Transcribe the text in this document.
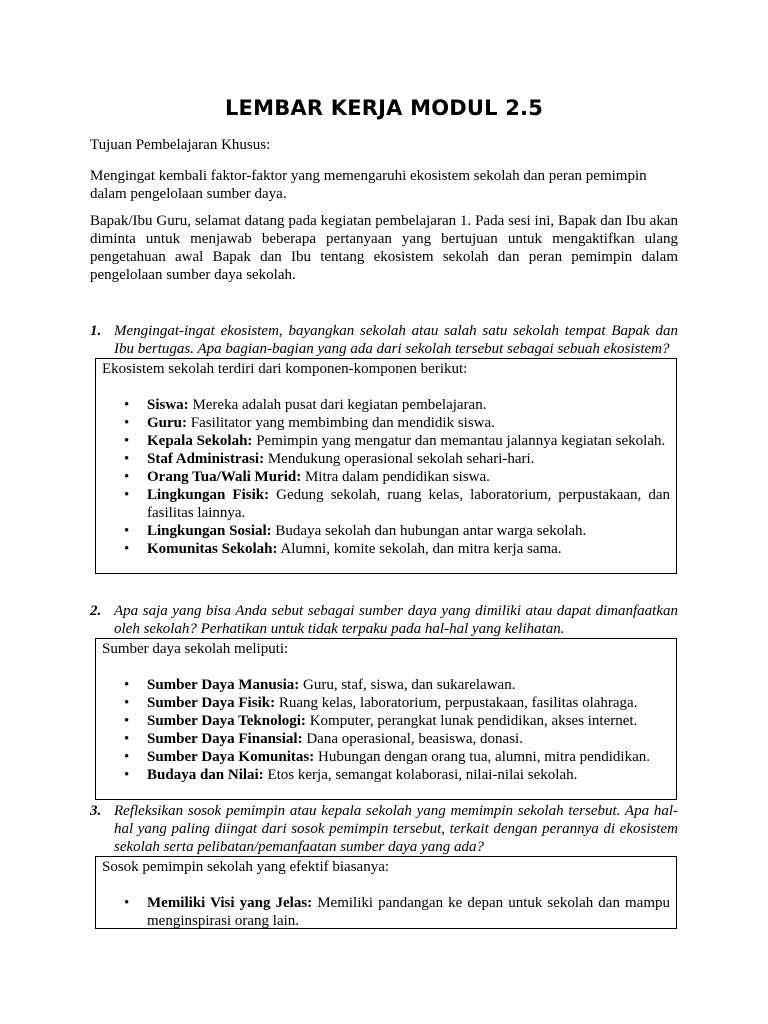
LEMBAR KERJA MODUL 2.5

Tujuan Pembelajaran Khusus:

Mengingat kembali faktor-faktor yang memengaruhi ekosistem sekolah dan peran pemimpin dalam pengelolaan sumber daya.

Bapak/Ibu Guru, selamat datang pada kegiatan pembelajaran 1. Pada sesi ini, Bapak dan Ibu akan diminta untuk menjawab beberapa pertanyaan yang bertujuan untuk mengaktifkan ulang pengetahuan awal Bapak dan Ibu tentang ekosistem sekolah dan peran pemimpin dalam pengelolaan sumber daya sekolah.

1. Mengingat-ingat ekosistem, bayangkan sekolah atau salah satu sekolah tempat Bapak dan Ibu bertugas. Apa bagian-bagian yang ada dari sekolah tersebut sebagai sebuah ekosistem?

Ekosistem sekolah terdiri dari komponen-komponen berikut:

• Siswa: Mereka adalah pusat dari kegiatan pembelajaran.
• Guru: Fasilitator yang membimbing dan mendidik siswa.
• Kepala Sekolah: Pemimpin yang mengatur dan memantau jalannya kegiatan sekolah.
• Staf Administrasi: Mendukung operasional sekolah sehari-hari.
• Orang Tua/Wali Murid: Mitra dalam pendidikan siswa.
• Lingkungan Fisik: Gedung sekolah, ruang kelas, laboratorium, perpustakaan, dan fasilitas lainnya.
• Lingkungan Sosial: Budaya sekolah dan hubungan antar warga sekolah.
• Komunitas Sekolah: Alumni, komite sekolah, dan mitra kerja sama.
2. Apa saja yang bisa Anda sebut sebagai sumber daya yang dimiliki atau dapat dimanfaatkan oleh sekolah? Perhatikan untuk tidak terpaku pada hal-hal yang kelihatan.

Sumber daya sekolah meliputi:

• Sumber Daya Manusia: Guru, staf, siswa, dan sukarelawan.
• Sumber Daya Fisik: Ruang kelas, laboratorium, perpustakaan, fasilitas olahraga.
• Sumber Daya Teknologi: Komputer, perangkat lunak pendidikan, akses internet.
• Sumber Daya Finansial: Dana operasional, beasiswa, donasi.
• Sumber Daya Komunitas: Hubungan dengan orang tua, alumni, mitra pendidikan.
• Budaya dan Nilai: Etos kerja, semangat kolaborasi, nilai-nilai sekolah.
3. Refleksikan sosok pemimpin atau kepala sekolah yang memimpin sekolah tersebut. Apa hal-hal yang paling diingat dari sosok pemimpin tersebut, terkait dengan perannya di ekosistem sekolah serta pelibatan/pemanfaatan sumber daya yang ada?

Sosok pemimpin sekolah yang efektif biasanya:

• Memiliki Visi yang Jelas: Memiliki pandangan ke depan untuk sekolah dan mampu menginspirasi orang lain.
